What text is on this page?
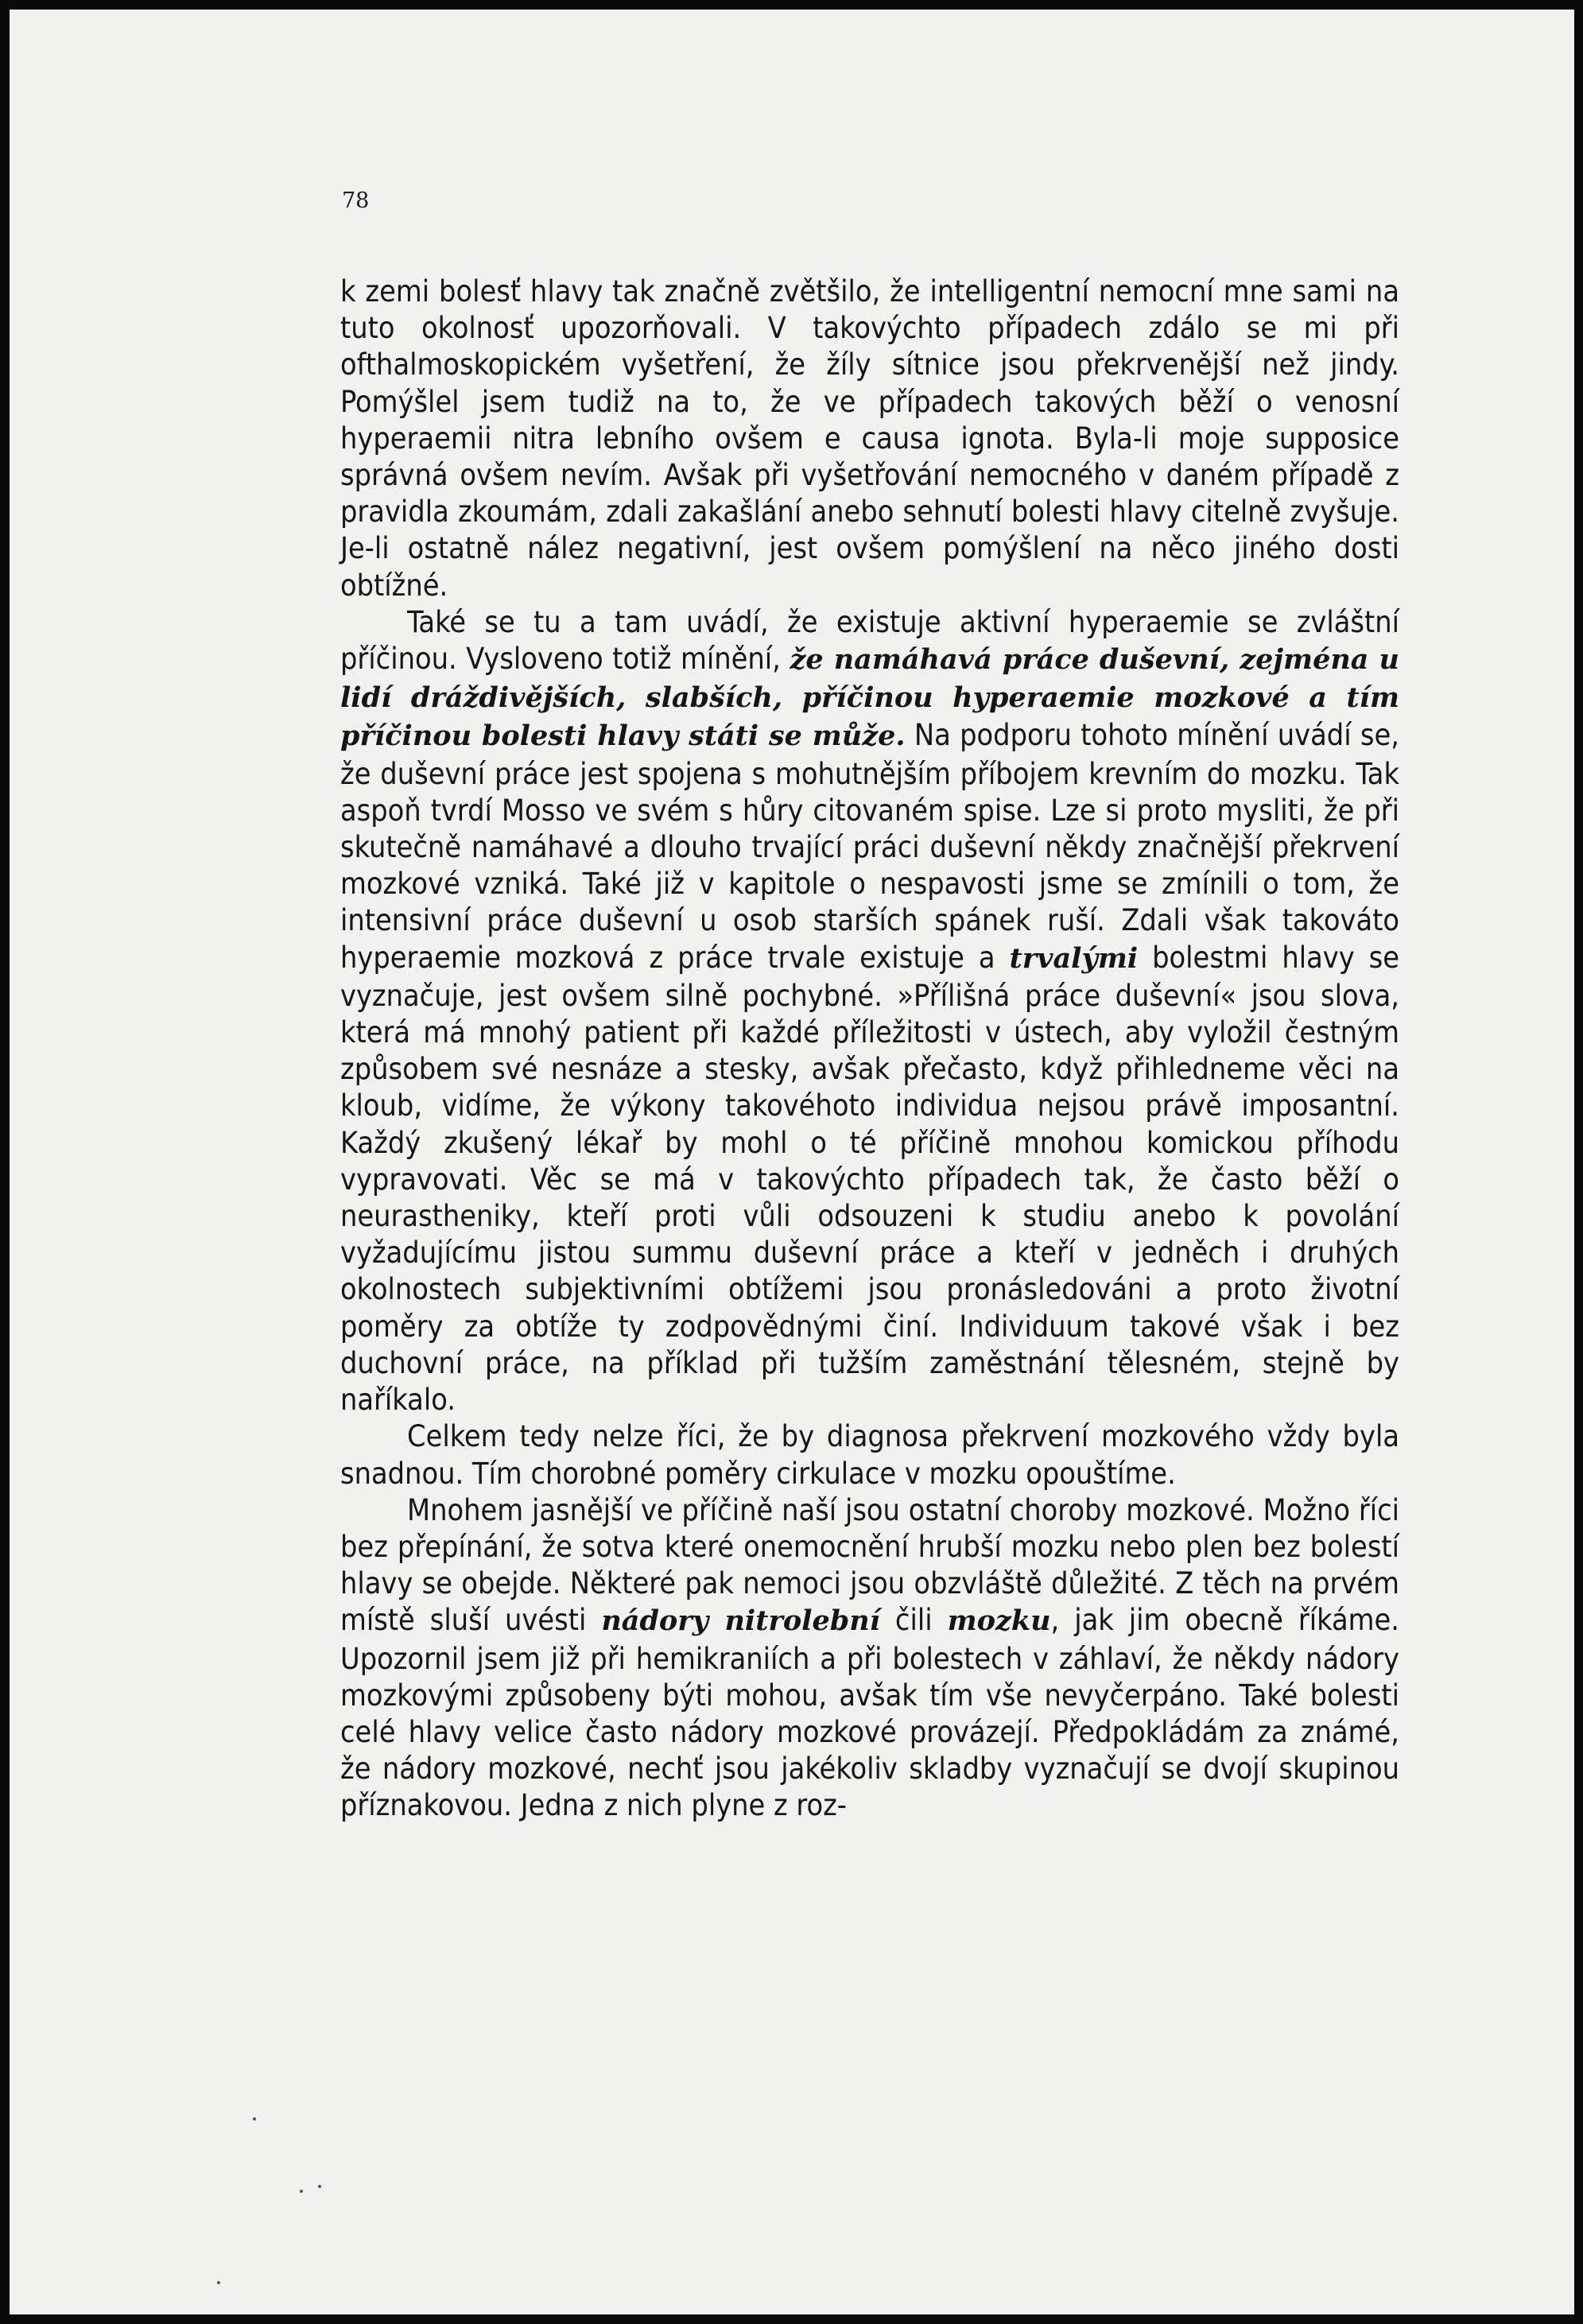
78

k zemi bolesť hlavy tak značně zvětšilo, že intelligentní nemocní mne sami na tuto okolnosť upozorňovali. V takovýchto případech zdálo se mi při ofthalmoskopickém vyšetření, že žíly sítnice jsou překrvenější než jindy. Pomýšlel jsem tudiž na to, že ve případech takových běží o venosní hyperaemii nitra lebního ovšem e causa ignota. Byla-li moje supposice správná ovšem nevím. Avšak při vyšetřování nemocného v daném případě z pravidla zkoumám, zdali zakašlání anebo sehnutí bolesti hlavy citelně zvyšuje. Je-li ostatně nález negativní, jest ovšem pomýšlení na něco jiného dosti obtížné.

Také se tu a tam uvádí, že existuje aktivní hyperaemie se zvláštní příčinou. Vysloveno totiž mínění, že namáhavá práce duševní, zejména u lidí dráždivějších, slabších, příčinou hyperaemie mozkové a tím příčinou bolesti hlavy státi se může. Na podporu tohoto mínění uvádí se, že duševní práce jest spojena s mohutnějším příbojem krevním do mozku. Tak aspoň tvrdí Mosso ve svém s hůry citovaném spise. Lze si proto mysliti, že při skutečně namáhavé a dlouho trvající práci duševní někdy značnější překrvení mozkové vzniká. Také již v kapitole o nespavosti jsme se zmínili o tom, že intensivní práce duševní u osob starších spánek ruší. Zdali však takováto hyperaemie mozková z práce trvale existuje a trvalými bolestmi hlavy se vyznačuje, jest ovšem silně pochybné. »Přílišná práce duševní« jsou slova, která má mnohý patient při každé příležitosti v ústech, aby vyložil čestným způsobem své nesnáze a stesky, avšak přečasto, když přihledneme věci na kloub, vidíme, že výkony takovéhoto individua nejsou právě imposantní. Každý zkušený lékař by mohl o té příčině mnohou komickou příhodu vypravovati. Věc se má v takovýchto případech tak, že často běží o neurastheniky, kteří proti vůli odsouzeni k studiu anebo k povolání vyžadujícímu jistou summu duševní práce a kteří v jedněch i druhých okolnostech subjektivními obtížemi jsou pronásledováni a proto životní poměry za obtíže ty zodpovědnými činí. Individuum takové však i bez duchovní práce, na příklad při tužším zaměstnání tělesném, stejně by naříkalo.

Celkem tedy nelze říci, že by diagnosa překrvení mozkového vždy byla snadnou. Tím chorobné poměry cirkulace v mozku opouštíme.

Mnohem jasnější ve příčině naší jsou ostatní choroby mozkové. Možno říci bez přepínání, že sotva které onemocnění hrubší mozku nebo plen bez bolestí hlavy se obejde. Některé pak nemoci jsou obzvláště důležité. Z těch na prvém místě sluší uvésti nádory nitrolební čili mozku, jak jim obecně říkáme. Upozornil jsem již při hemikraniích a při bolestech v záhlaví, že někdy nádory mozkovými způsobeny býti mohou, avšak tím vše nevyčerpáno. Také bolesti celé hlavy velice často nádory mozkové provázejí. Předpokládám za známé, že nádory mozkové, nechť jsou jakékoliv skladby vyznačují se dvojí skupinou příznakovou. Jedna z nich plyne z roz-
